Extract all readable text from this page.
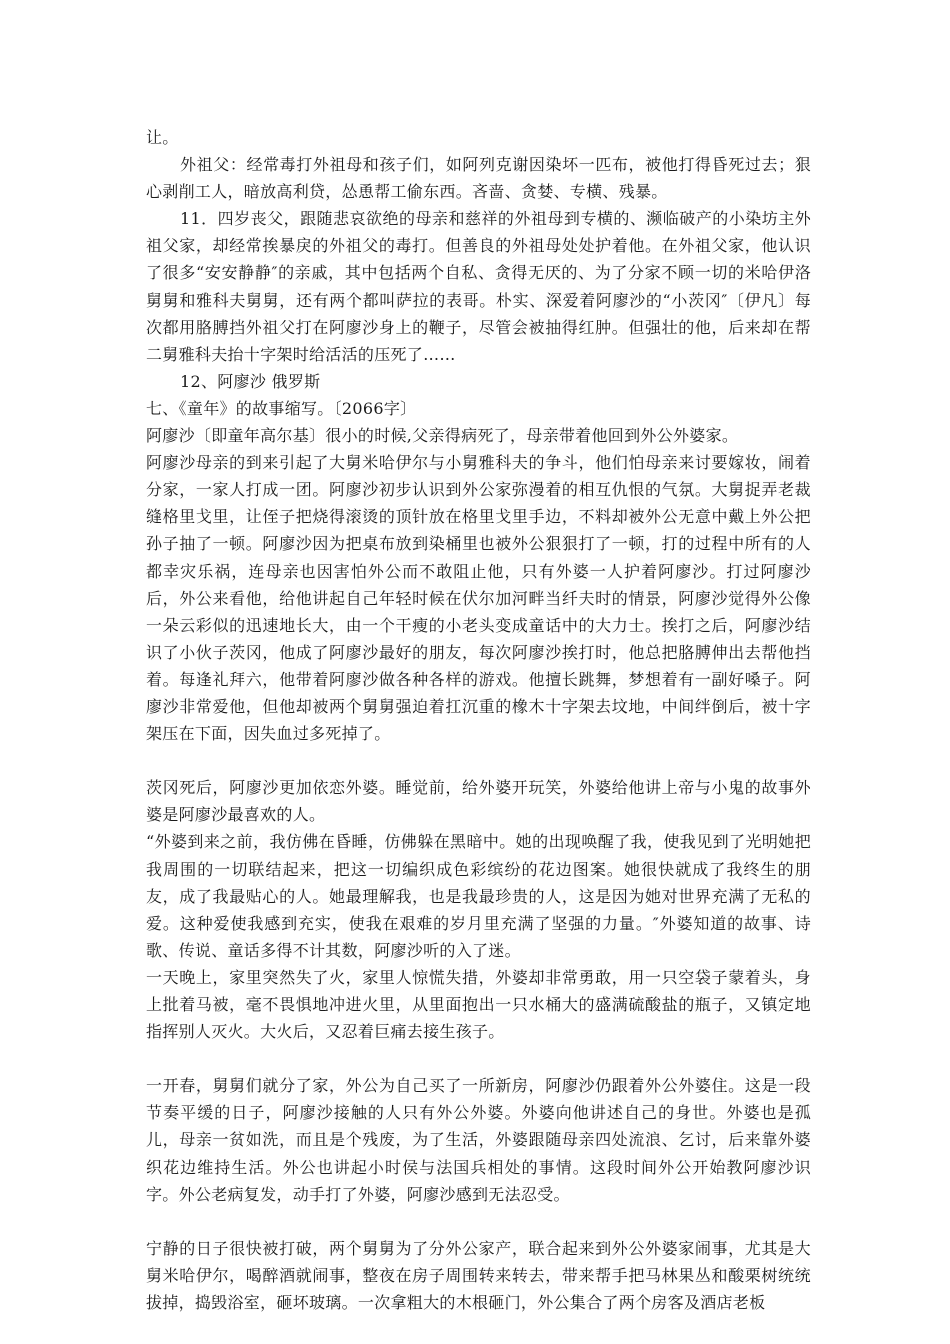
让。

外祖父：经常毒打外祖母和孩子们，如阿列克谢因染坏一匹布，被他打得昏死过去；狠心剥削工人，暗放高利贷，怂恿帮工偷东西。吝啬、贪婪、专横、残暴。

11．四岁丧父，跟随悲哀欲绝的母亲和慈祥的外祖母到专横的、濒临破产的小染坊主外祖父家，却经常挨暴戾的外祖父的毒打。但善良的外祖母处处护着他。在外祖父家，他认识了很多“安安静静″的亲戚，其中包括两个自私、贪得无厌的、为了分家不顾一切的米哈伊洛舅舅和雅科夫舅舅，还有两个都叫萨拉的表哥。朴实、深爱着阿廖沙的“小茨冈″〔伊凡〕每次都用胳膊挡外祖父打在阿廖沙身上的鞭子，尽管会被抽得红肿。但强壮的他，后来却在帮二舅雅科夫抬十字架时给活活的压死了……

12、阿廖沙 俄罗斯

七、《童年》的故事缩写。〔2066字〕

阿廖沙〔即童年高尔基〕很小的时候,父亲得病死了，母亲带着他回到外公外婆家。

阿廖沙母亲的到来引起了大舅米哈伊尔与小舅雅科夫的争斗，他们怕母亲来讨要嫁妆，闹着分家，一家人打成一团。阿廖沙初步认识到外公家弥漫着的相互仇恨的气氛。大舅捉弄老裁缝格里戈里，让侄子把烧得滚烫的顶针放在格里戈里手边，不料却被外公无意中戴上外公把孙子抽了一顿。阿廖沙因为把桌布放到染桶里也被外公狠狠打了一顿，打的过程中所有的人都幸灾乐祸，连母亲也因害怕外公而不敢阻止他，只有外婆一人护着阿廖沙。打过阿廖沙后，外公来看他，给他讲起自己年轻时候在伏尔加河畔当纤夫时的情景，阿廖沙觉得外公像一朵云彩似的迅速地长大，由一个干瘦的小老头变成童话中的大力士。挨打之后，阿廖沙结识了小伙子茨冈，他成了阿廖沙最好的朋友，每次阿廖沙挨打时，他总把胳膊伸出去帮他挡着。每逢礼拜六，他带着阿廖沙做各种各样的游戏。他擅长跳舞，梦想着有一副好嗓子。阿廖沙非常爱他，但他却被两个舅舅强迫着扛沉重的橡木十字架去坟地，中间绊倒后，被十字架压在下面，因失血过多死掉了。

茨冈死后，阿廖沙更加依恋外婆。睡觉前，给外婆开玩笑，外婆给他讲上帝与小鬼的故事外婆是阿廖沙最喜欢的人。

“外婆到来之前，我仿佛在昏睡，仿佛躲在黑暗中。她的出现唤醒了我，使我见到了光明她把我周围的一切联结起来，把这一切编织成色彩缤纷的花边图案。她很快就成了我终生的朋友，成了我最贴心的人。她最理解我，也是我最珍贵的人，这是因为她对世界充满了无私的爱。这种爱使我感到充实，使我在艰难的岁月里充满了坚强的力量。″外婆知道的故事、诗歌、传说、童话多得不计其数，阿廖沙听的入了迷。

一天晚上，家里突然失了火，家里人惊慌失措，外婆却非常勇敢，用一只空袋子蒙着头，身上批着马被，毫不畏惧地冲进火里，从里面抱出一只水桶大的盛满硫酸盐的瓶子，又镇定地指挥别人灭火。大火后，又忍着巨痛去接生孩子。

一开春，舅舅们就分了家，外公为自己买了一所新房，阿廖沙仍跟着外公外婆住。这是一段节奏平缓的日子，阿廖沙接触的人只有外公外婆。外婆向他讲述自己的身世。外婆也是孤儿，母亲一贫如洗，而且是个残废，为了生活，外婆跟随母亲四处流浪、乞讨，后来靠外婆织花边维持生活。外公也讲起小时侯与法国兵相处的事情。这段时间外公开始教阿廖沙识字。外公老病复发，动手打了外婆，阿廖沙感到无法忍受。

宁静的日子很快被打破，两个舅舅为了分外公家产，联合起来到外公外婆家闹事，尤其是大舅米哈伊尔，喝醉酒就闹事，整夜在房子周围转来转去，带来帮手把马林果丛和酸栗树统统拔掉，捣毁浴室，砸坏玻璃。一次拿粗大的木根砸门，外公集合了两个房客及酒店老板
